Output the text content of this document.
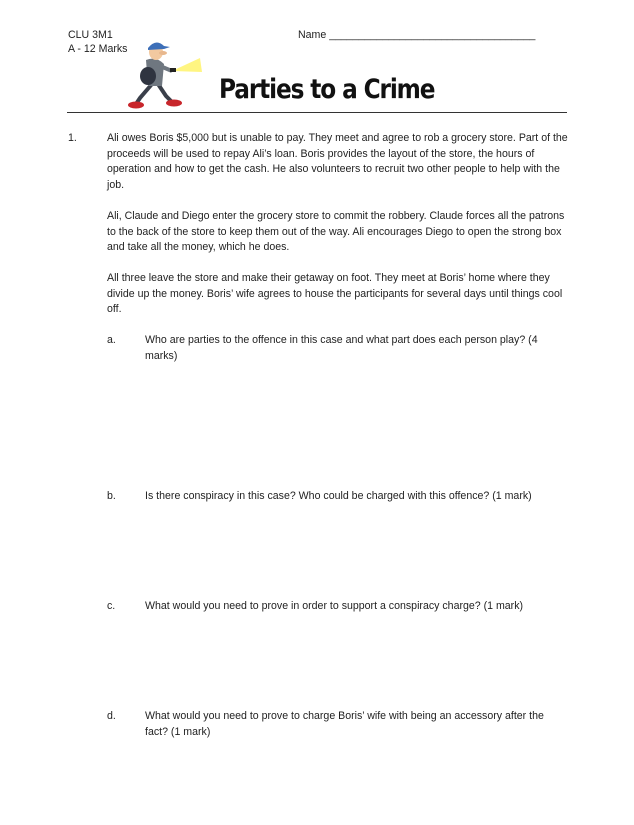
CLU 3M1
A - 12 Marks
Name ___________________________________
Parties to a Crime
1.	Ali owes Boris $5,000 but is unable to pay. They meet and agree to rob a grocery store. Part of the proceeds will be used to repay Ali’s loan. Boris provides the layout of the store, the hours of operation and how to get the cash. He also volunteers to recruit two other people to help with the job.
Ali, Claude and Diego enter the grocery store to commit the robbery. Claude forces all the patrons to the back of the store to keep them out of the way. Ali encourages Diego to open the strong box and take all the money, which he does.
All three leave the store and make their getaway on foot. They meet at Boris’ home where they divide up the money. Boris’ wife agrees to house the participants for several days until things cool off.
a.	Who are parties to the offence in this case and what part does each person play? (4 marks)
b.	Is there conspiracy in this case? Who could be charged with this offence? (1 mark)
c.	What would you need to prove in order to support a conspiracy charge? (1 mark)
d.	What would you need to prove to charge Boris’ wife with being an accessory after the fact? (1 mark)
